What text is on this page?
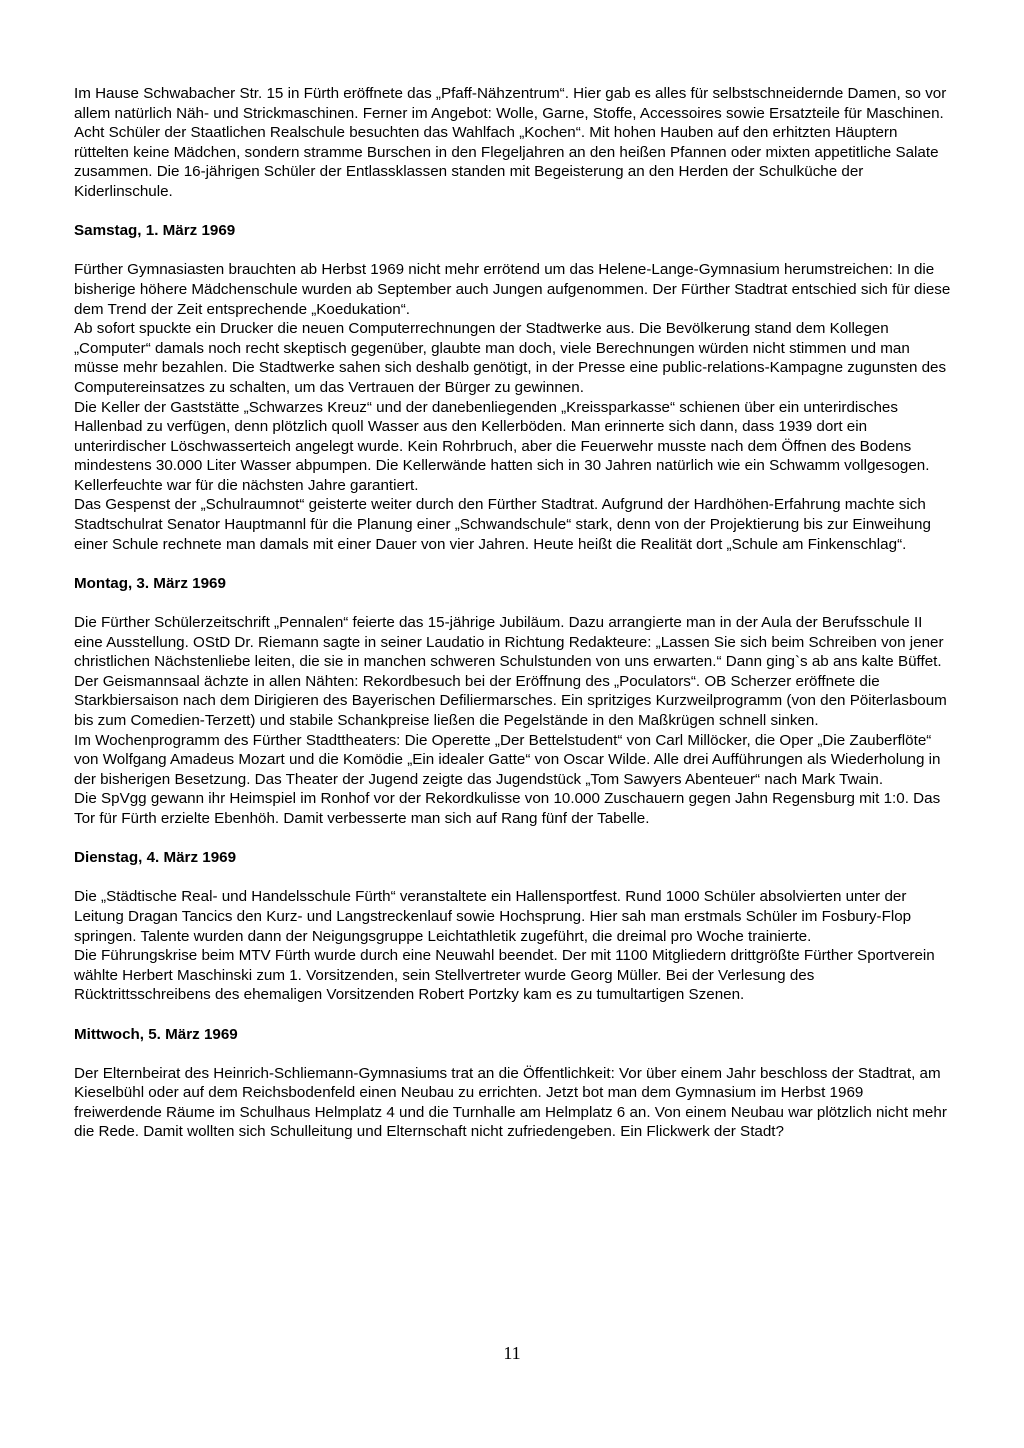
Im Hause Schwabacher Str. 15 in Fürth eröffnete das „Pfaff-Nähzentrum“. Hier gab es alles für selbstschneidernde Damen, so vor allem natürlich Näh- und Strickmaschinen. Ferner im Angebot: Wolle, Garne, Stoffe, Accessoires sowie Ersatzteile für Maschinen.

Acht Schüler der Staatlichen Realschule besuchten das Wahlfach „Kochen“. Mit hohen Hauben auf den erhitzten Häuptern rüttelten keine Mädchen, sondern stramme Burschen in den Flegeljahren an den heißen Pfannen oder mixten appetitliche Salate zusammen. Die 16-jährigen Schüler der Entlassklassen standen mit Begeisterung an den Herden der Schulküche der Kiderlinschule.

Samstag, 1. März 1969

Fürther Gymnasiasten brauchten ab Herbst 1969 nicht mehr errötend um das Helene-Lange-Gymnasium herumstreichen: In die bisherige höhere Mädchenschule wurden ab September auch Jungen aufgenommen. Der Fürther Stadtrat entschied sich für diese dem Trend der Zeit entsprechende „Koedukation“.

Ab sofort spuckte ein Drucker die neuen Computerrechnungen der Stadtwerke aus. Die Bevölkerung stand dem Kollegen „Computer“ damals noch recht skeptisch gegenüber, glaubte man doch, viele Berechnungen würden nicht stimmen und man müsse mehr bezahlen. Die Stadtwerke sahen sich deshalb genötigt, in der Presse eine public-relations-Kampagne zugunsten des Computereinsatzes zu schalten, um das Vertrauen der Bürger zu gewinnen.

Die Keller der Gaststätte „Schwarzes Kreuz“ und der danebenliegenden „Kreissparkasse“ schienen über ein unterirdisches Hallenbad zu verfügen, denn plötzlich quoll Wasser aus den Kellerböden. Man erinnerte sich dann, dass 1939 dort ein unterirdischer Löschwasserteich angelegt wurde. Kein Rohrbruch, aber die Feuerwehr musste nach dem Öffnen des Bodens mindestens 30.000 Liter Wasser abpumpen. Die Kellerwände hatten sich in 30 Jahren natürlich wie ein Schwamm vollgesogen. Kellerfeuchte war für die nächsten Jahre garantiert.

Das Gespenst der „Schulraumnot“ geisterte weiter durch den Fürther Stadtrat. Aufgrund der Hardhöhen-Erfahrung machte sich Stadtschulrat Senator Hauptmannl für die Planung einer „Schwandschule“ stark, denn von der Projektierung bis zur Einweihung einer Schule rechnete man damals mit einer Dauer von vier Jahren. Heute heißt die Realität dort „Schule am Finkenschlag“.

Montag, 3. März 1969

Die Fürther Schülerzeitschrift „Pennalen“ feierte das 15-jährige Jubiläum. Dazu arrangierte man in der Aula der Berufsschule II eine Ausstellung. OStD Dr. Riemann sagte in seiner Laudatio in Richtung Redakteure: „Lassen Sie sich beim Schreiben von jener christlichen Nächstenliebe leiten, die sie in manchen schweren Schulstunden von uns erwarten.“ Dann ging`s ab ans kalte Büffet.

Der Geismannsaal ächzte in allen Nähten: Rekordbesuch bei der Eröffnung des „Poculators“. OB Scherzer eröffnete die Starkbiersaison nach dem Dirigieren des Bayerischen Defiliermarsches. Ein spritziges Kurzweilprogramm (von den Pöiterlasboum bis zum Comedien-Terzett) und stabile Schankpreise ließen die Pegelstände in den Maßkrügen schnell sinken.

Im Wochenprogramm des Fürther Stadttheaters: Die Operette „Der Bettelstudent“ von Carl Millöcker, die Oper „Die Zauberflöte“ von Wolfgang Amadeus Mozart und die Komödie „Ein idealer Gatte“ von Oscar Wilde. Alle drei Aufführungen als Wiederholung in der bisherigen Besetzung. Das Theater der Jugend zeigte das Jugendstück „Tom Sawyers Abenteuer“ nach Mark Twain.

Die SpVgg gewann ihr Heimspiel im Ronhof vor der Rekordkulisse von 10.000 Zuschauern gegen Jahn Regensburg mit 1:0. Das Tor für Fürth erzielte Ebenhöh. Damit verbesserte man sich auf Rang fünf der Tabelle.

Dienstag, 4. März 1969

Die „Städtische Real- und Handelsschule Fürth“ veranstaltete ein Hallensportfest. Rund 1000 Schüler absolvierten unter der Leitung Dragan Tancics den Kurz- und Langstreckenlauf sowie Hochsprung. Hier sah man erstmals Schüler im Fosbury-Flop springen. Talente wurden dann der Neigungsgruppe Leichtathletik zugeführt, die dreimal pro Woche trainierte.

Die Führungskrise beim MTV Fürth wurde durch eine Neuwahl beendet. Der mit 1100 Mitgliedern drittgrößte Fürther Sportverein wählte Herbert Maschinski zum 1. Vorsitzenden, sein Stellvertreter wurde Georg Müller. Bei der Verlesung des Rücktrittsschreibens des ehemaligen Vorsitzenden Robert Portzky kam es zu tumultartigen Szenen.

Mittwoch, 5. März 1969

Der Elternbeirat des Heinrich-Schliemann-Gymnasiums trat an die Öffentlichkeit: Vor über einem Jahr beschloss der Stadtrat, am Kieselbühl oder auf dem Reichsbodenfeld einen Neubau zu errichten. Jetzt bot man dem Gymnasium im Herbst 1969 freiwerdende Räume im Schulhaus Helmplatz 4 und die Turnhalle am Helmplatz 6 an. Von einem Neubau war plötzlich nicht mehr die Rede. Damit wollten sich Schulleitung und Elternschaft nicht zufriedengeben. Ein Flickwerk der Stadt?

11
